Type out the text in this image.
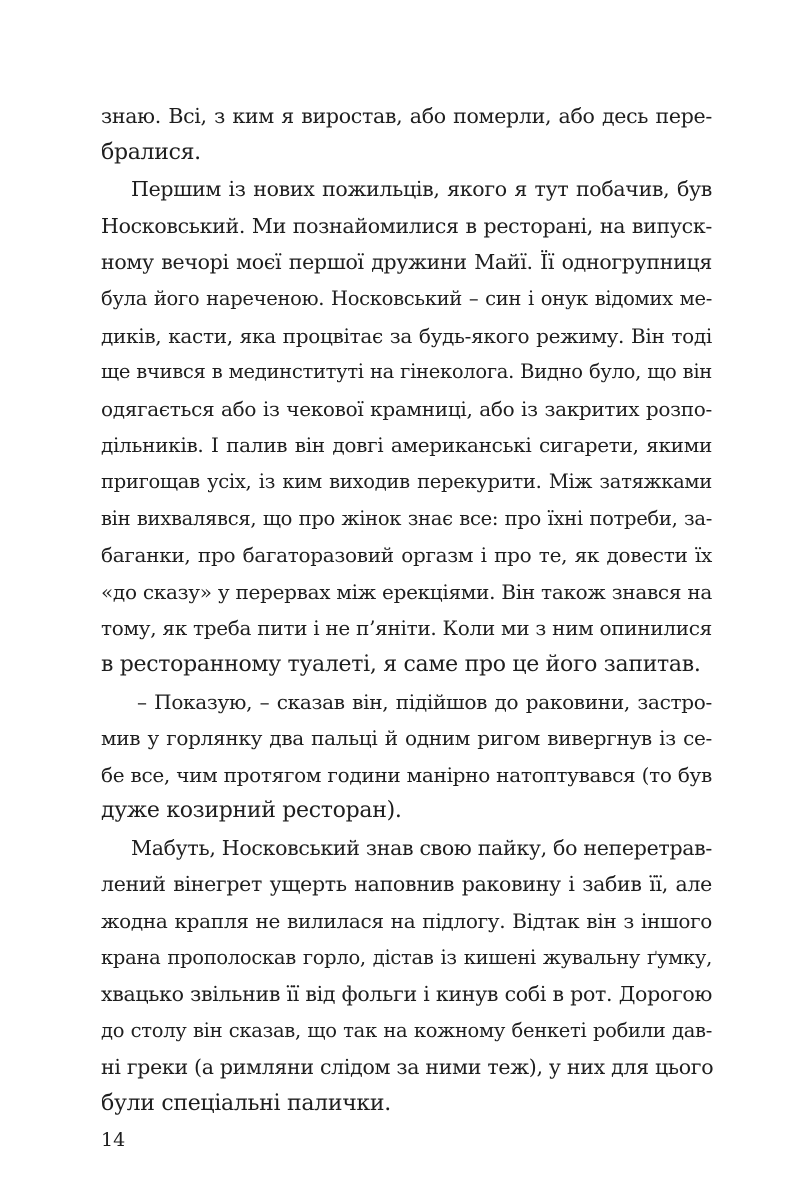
знаю. Всі, з ким я виростав, або померли, або десь пере-
бралися.
Першим із нових пожильців, якого я тут побачив, був
Носковський. Ми познайомилися в ресторані, на випуск-
ному вечорі моєї першої дружини Майї. Її одногрупниця
була його нареченою. Носковський – син і онук відомих ме-
диків, касти, яка процвітає за будь-якого режиму. Він тоді
ще вчився в мединституті на гінеколога. Видно було, що він
одягається або із чекової крамниці, або із закритих розпо-
дільників. І палив він довгі американські сигарети, якими
пригощав усіх, із ким виходив перекурити. Між затяжками
він вихвалявся, що про жінок знає все: про їхні потреби, за-
баганки, про багаторазовий оргазм і про те, як довести їх
«до сказу» у перервах між ерекціями. Він також знався на
тому, як треба пити і не п’яніти. Коли ми з ним опинилися
в ресторанному туалеті, я саме про це його запитав.
– Показую, – сказав він, підійшов до раковини, застро-
мив у горлянку два пальці й одним ригом вивергнув із се-
бе все, чим протягом години манірно натоптувався (то був
дуже козирний ресторан).
Мабуть, Носковський знав свою пайку, бо неперетрав-
лений вінегрет ущерть наповнив раковину і забив її, але
жодна крапля не вилилася на підлогу. Відтак він з іншого
крана прополоскав горло, дістав із кишені жувальну ґумку,
хвацько звільнив її від фольги і кинув собі в рот. Дорогою
до столу він сказав, що так на кожному бенкеті робили дав-
ні греки (а римляни слідом за ними теж), у них для цього
були спеціальні палички.
14
